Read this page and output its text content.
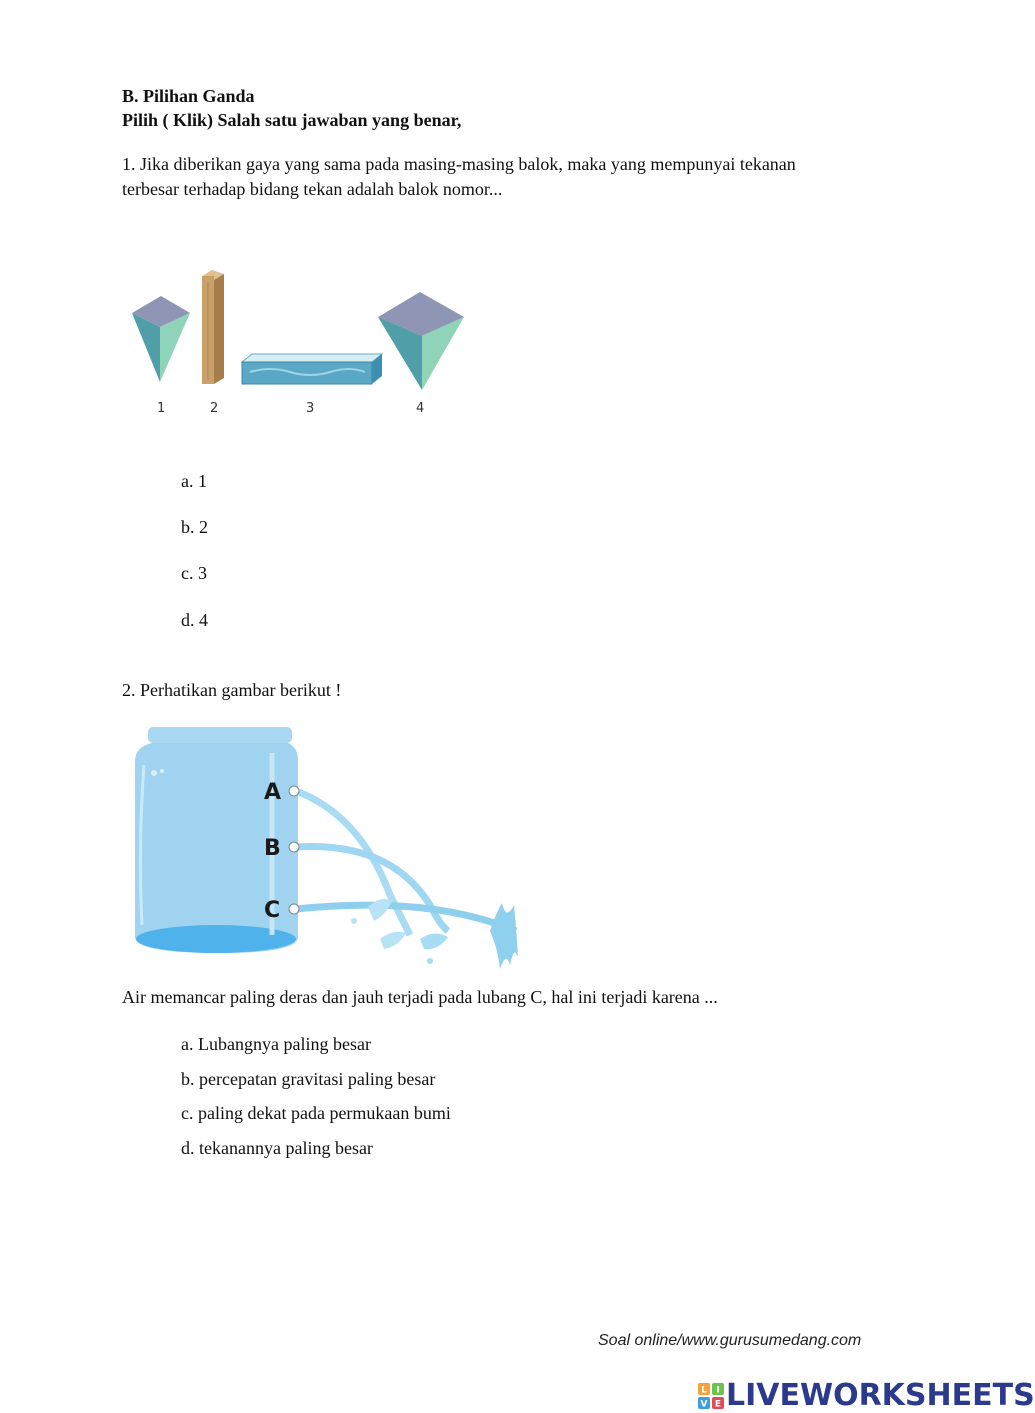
B. Pilihan Ganda
Pilih ( Klik) Salah satu jawaban yang benar,
1. Jika diberikan gaya yang sama pada masing-masing balok, maka yang mempunyai tekanan
terbesar terhadap bidang tekan adalah balok nomor...
1	2	3	4
a. 1
b. 2
c. 3
d. 4
2. Perhatikan gambar berikut !
A
B
C
Air memancar paling deras dan jauh terjadi pada lubang C, hal ini terjadi karena ...
a. Lubangnya paling besar
b. percepatan gravitasi paling besar
c. paling dekat pada permukaan bumi
d. tekanannya paling besar
Soal online/www.gurusumedang.com
L I
V E LIVEWORKSHEETS
